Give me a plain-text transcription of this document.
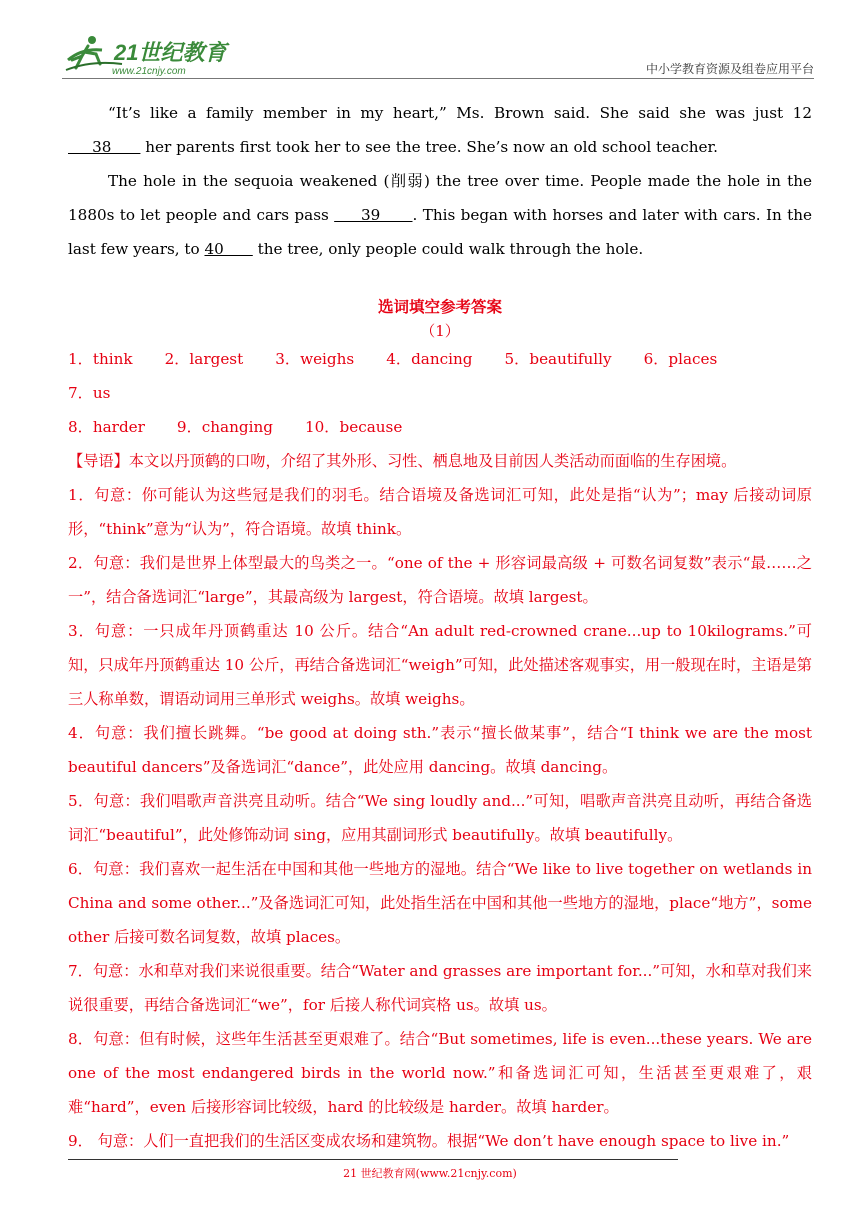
21世纪教育
www.21cnjy.com	中小学教育资源及组卷应用平台

“It’s like a family member in my heart,” Ms. Brown said. She said she was just 12      38       her parents first took her to see the tree. She’s now an old school teacher.

The hole in the sequoia weakened (削弱) the tree over time. People made the hole in the 1880s to let people and cars pass      39      . This began with horses and later with cars. In the last few years, to 40       the tree, only people could walk through the hole.

选词填空参考答案

（1）

1．think 2．largest 3．weighs 4．dancing 5．beautifully 6．places
7．us
8．harder 9．changing 10．because

【导语】本文以丹顶鹤的口吻，介绍了其外形、习性、栖息地及目前因人类活动而面临的生存困境。

1．句意：你可能认为这些冠是我们的羽毛。结合语境及备选词汇可知，此处是指“认为”；may 后接动词原形，“think”意为“认为”，符合语境。故填 think。

2．句意：我们是世界上体型最大的鸟类之一。“one of the + 形容词最高级 + 可数名词复数”表示“最……之一”，结合备选词汇“large”，其最高级为 largest，符合语境。故填 largest。

3．句意：一只成年丹顶鹤重达 10 公斤。结合“An adult red-crowned crane...up to 10kilograms.”可知，只成年丹顶鹤重达 10 公斤，再结合备选词汇“weigh”可知，此处描述客观事实，用一般现在时，主语是第三人称单数，谓语动词用三单形式 weighs。故填 weighs。

4．句意：我们擅长跳舞。“be good at doing sth.”表示“擅长做某事”，结合“I think we are the most beautiful dancers”及备选词汇“dance”，此处应用 dancing。故填 dancing。

5．句意：我们唱歌声音洪亮且动听。结合“We sing loudly and...”可知，唱歌声音洪亮且动听，再结合备选词汇“beautiful”，此处修饰动词 sing，应用其副词形式 beautifully。故填 beautifully。

6．句意：我们喜欢一起生活在中国和其他一些地方的湿地。结合“We like to live together on wetlands in China and some other...”及备选词汇可知，此处指生活在中国和其他一些地方的湿地，place“地方”，some other 后接可数名词复数，故填 places。

7．句意：水和草对我们来说很重要。结合“Water and grasses are important for...”可知，水和草对我们来说很重要，再结合备选词汇“we”，for 后接人称代词宾格 us。故填 us。

8．句意：但有时候，这些年生活甚至更艰难了。结合“But sometimes, life is even...these years. We are one of the most endangered birds in the world now.”和备选词汇可知，生活甚至更艰难了，艰难“hard”，even 后接形容词比较级，hard 的比较级是 harder。故填 harder。

9． 句意：人们一直把我们的生活区变成农场和建筑物。根据“We don’t have enough space to live in.”

21 世纪教育网(www.21cnjy.com)
